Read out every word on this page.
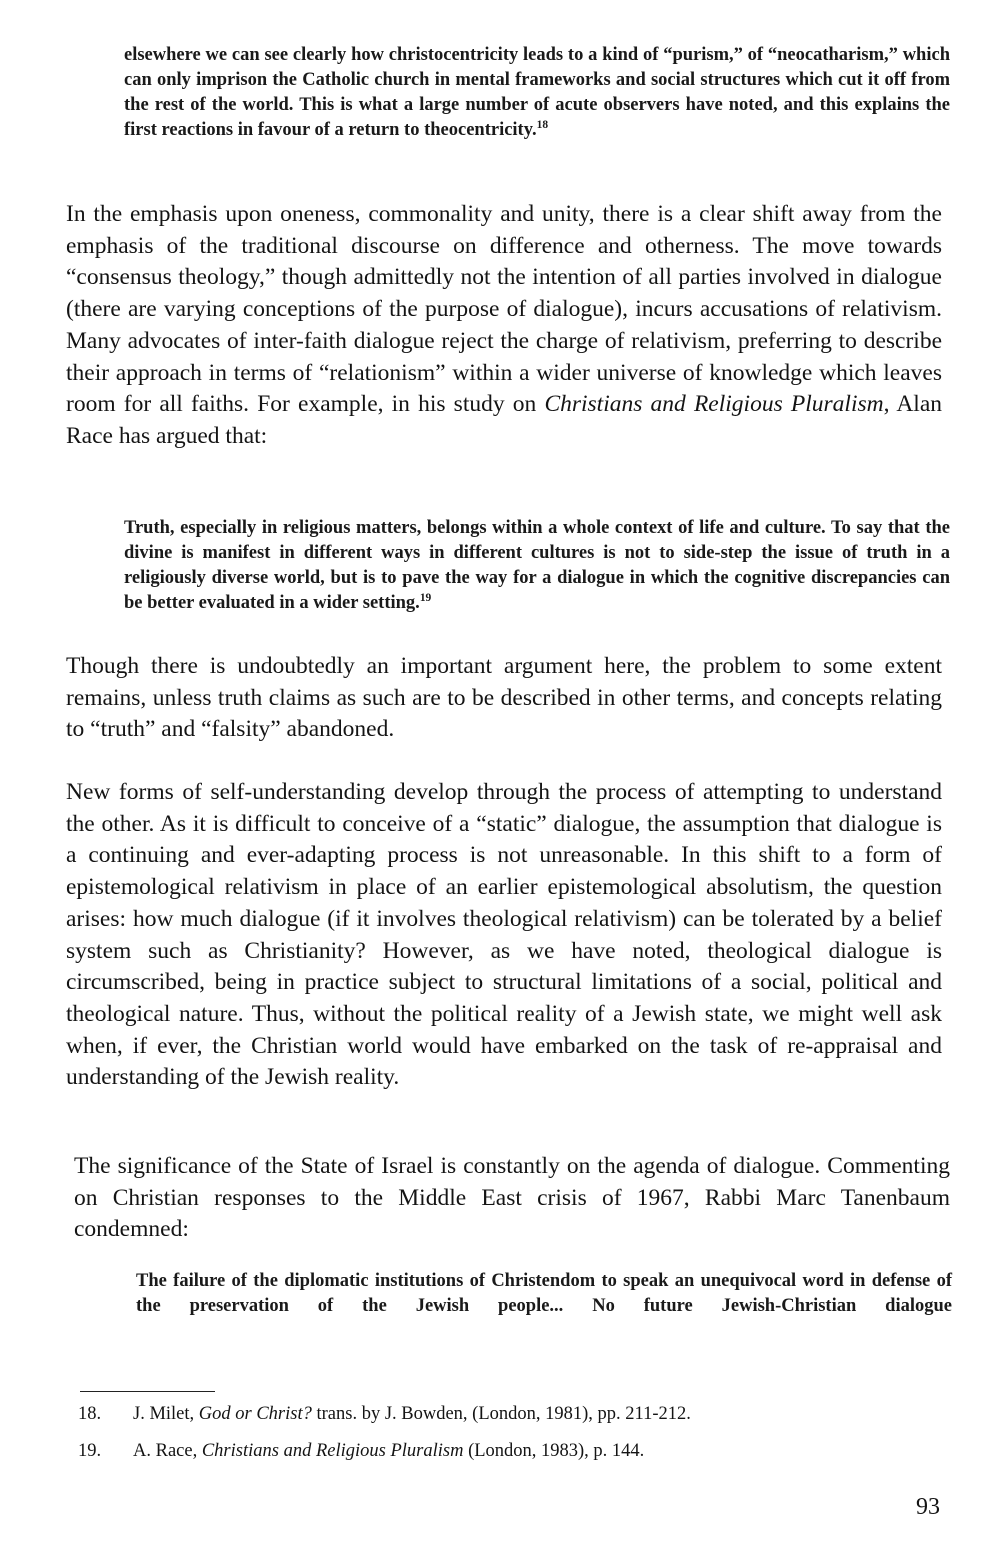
elsewhere we can see clearly how christocentricity leads to a kind of “purism,” of “neocatharism,” which can only imprison the Catholic church in mental frameworks and social structures which cut it off from the rest of the world. This is what a large number of acute observers have noted, and this explains the first reactions in favour of a return to theocentricity.$^{18}$

In the emphasis upon oneness, commonality and unity, there is a clear shift away from the emphasis of the traditional discourse on difference and otherness. The move towards “consensus theology,” though admittedly not the intention of all parties involved in dialogue (there are varying conceptions of the purpose of dialogue), incurs accusations of relativism. Many advocates of inter-faith dialogue reject the charge of relativism, preferring to describe their approach in terms of “relationism” within a wider universe of knowledge which leaves room for all faiths. For example, in his study on Christians and Religious Pluralism, Alan Race has argued that:

Truth, especially in religious matters, belongs within a whole context of life and culture. To say that the divine is manifest in different ways in different cultures is not to side-step the issue of truth in a religiously diverse world, but is to pave the way for a dialogue in which the cognitive discrepancies can be better evaluated in a wider setting.$^{19}$

Though there is undoubtedly an important argument here, the problem to some extent remains, unless truth claims as such are to be described in other terms, and concepts relating to “truth” and “falsity” abandoned.

New forms of self-understanding develop through the process of attempting to understand the other. As it is difficult to conceive of a “static” dialogue, the assumption that dialogue is a continuing and ever-adapting process is not unreasonable. In this shift to a form of epistemological relativism in place of an earlier epistemological absolutism, the question arises: how much dialogue (if it involves theological relativism) can be tolerated by a belief system such as Christianity? However, as we have noted, theological dialogue is circumscribed, being in practice subject to structural limitations of a social, political and theological nature. Thus, without the political reality of a Jewish state, we might well ask when, if ever, the Christian world would have embarked on the task of re-appraisal and understanding of the Jewish reality.

The significance of the State of Israel is constantly on the agenda of dialogue. Commenting on Christian responses to the Middle East crisis of 1967, Rabbi Marc Tanenbaum condemned:

The failure of the diplomatic institutions of Christendom to speak an unequivocal word in defense of the preservation of the Jewish people... No future Jewish-Christian dialogue

18. J. Milet, God or Christ? trans. by J. Bowden, (London, 1981), pp. 211-212.
19. A. Race, Christians and Religious Pluralism (London, 1983), p. 144.
93
